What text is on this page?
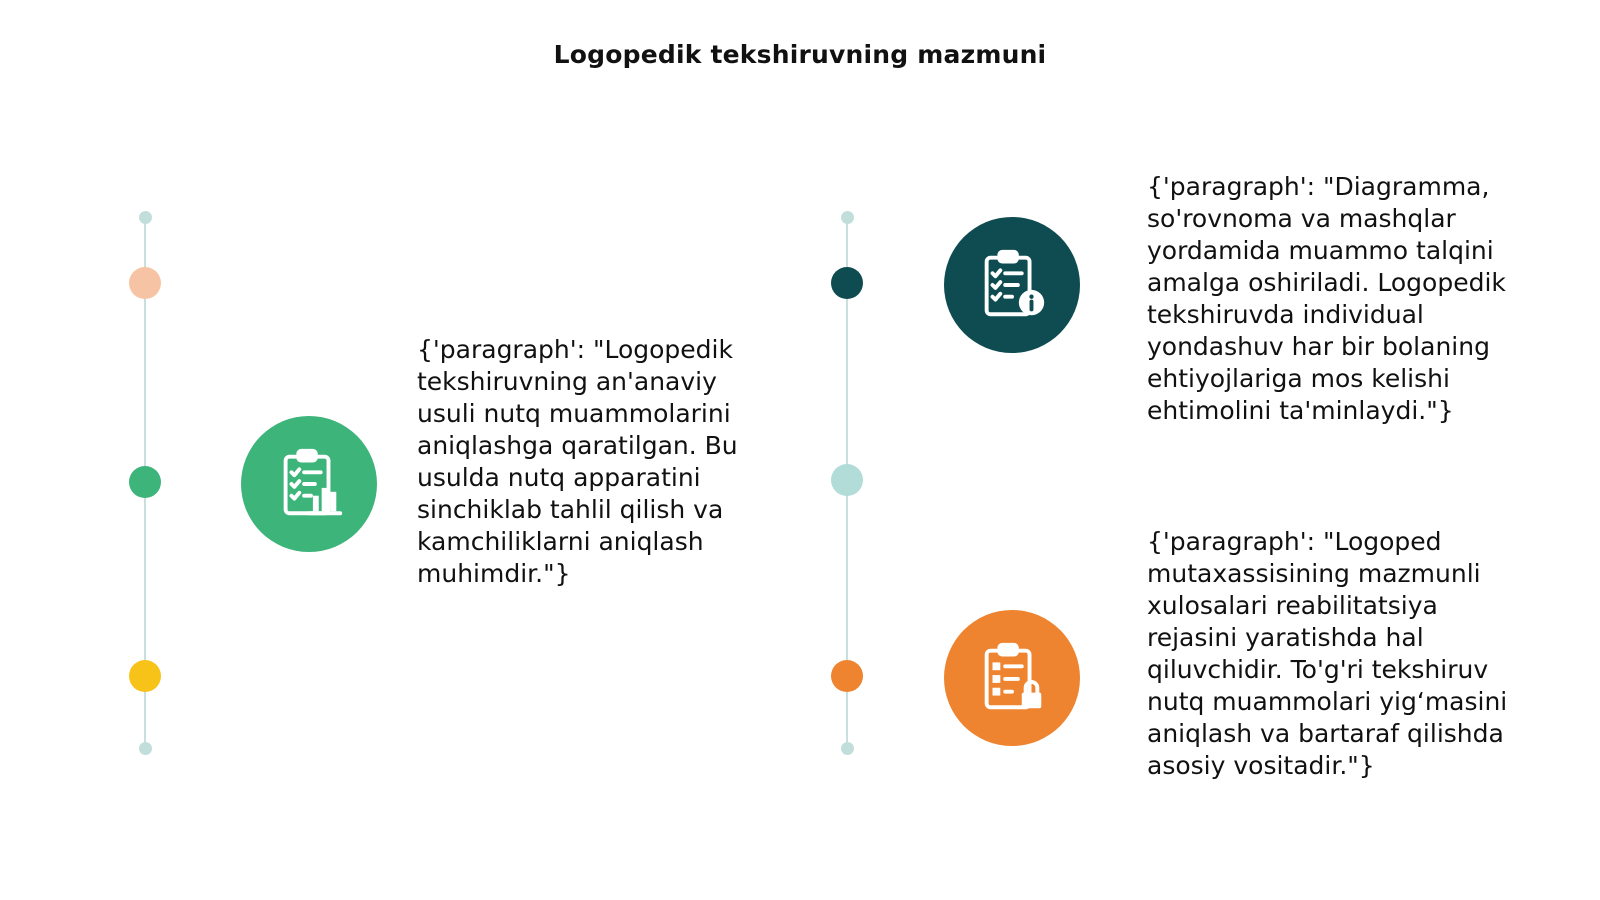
Logopedik tekshiruvning mazmuni
{'paragraph': "Logopedik tekshiruvning an'anaviy usuli nutq muammolarini aniqlashga qaratilgan. Bu usulda nutq apparatini sinchiklab tahlil qilish va kamchiliklarni aniqlash muhimdir."}
{'paragraph': "Diagramma, so'rovnoma va mashqlar yordamida muammo talqini amalga oshiriladi. Logopedik tekshiruvda individual yondashuv har bir bolaning ehtiyojlariga mos kelishi ehtimolini ta'minlaydi."}
{'paragraph': "Logoped mutaxassisining mazmunli xulosalari reabilitatsiya rejasini yaratishda hal qiluvchidir. To'g'ri tekshiruv nutq muammolari yig‘masini aniqlash va bartaraf qilishda asosiy vositadir."}
